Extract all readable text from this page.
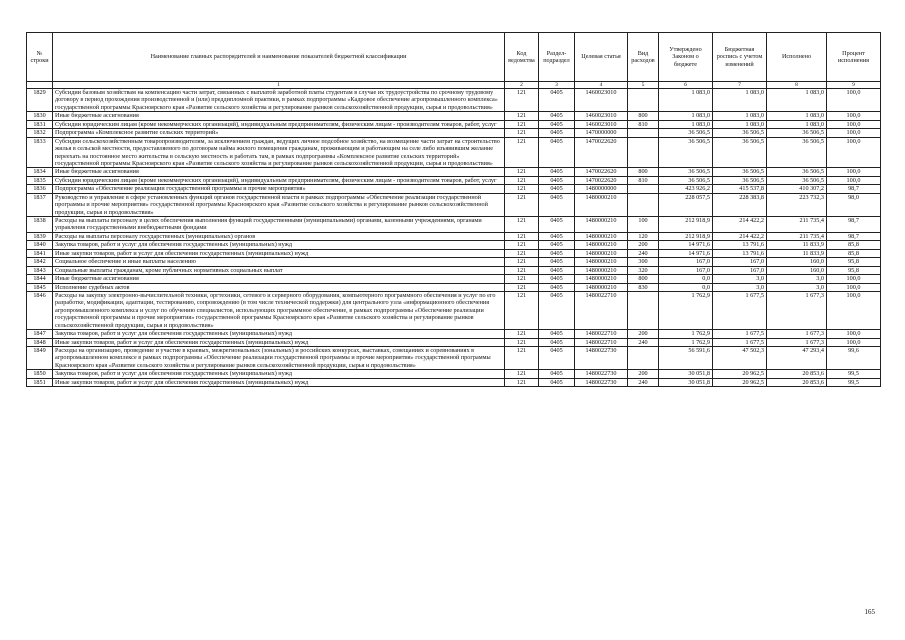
№ строки	Наименование главных распорядителей и наименование показателей бюджетной классификации	Код ведомства	Раздел-подраздел	Целевая статья	Вид расходов	Утверждено Законом о бюджете	Бюджетная роспись с учетом изменений	Исполнено	Процент исполнения
	1	2	3	4	5	6	7	8	9
1829	Субсидии базовым хозяйствам на компенсацию части затрат, связанных с выплатой заработной платы студентам в случае их трудоустройства по срочному трудовому договору в период прохождения производственной и (или) преддипломной практики, в рамках подпрограммы «Кадровое обеспечение агропромышленного комплекса» государственной программы Красноярского края «Развитие сельского хозяйства и регулирование рынков сельскохозяйственной продукции, сырья и продовольствия»	121	0405	1460023010		1 083,0	1 083,0	1 083,0	100,0
1830	Иные бюджетные ассигнования	121	0405	1460023010	800	1 083,0	1 083,0	1 083,0	100,0
1831	Субсидии юридическим лицам (кроме некоммерческих организаций), индивидуальным предпринимателям, физическим лицам - производителям товаров, работ, услуг	121	0405	1460023010	810	1 083,0	1 083,0	1 083,0	100,0
1832	Подпрограмма «Комплексное развитие сельских территорий»	121	0405	1470000000		36 506,5	36 506,5	36 506,5	100,0
1833	Субсидии сельскохозяйственным товаропроизводителям, за исключением граждан, ведущих личное подсобное хозяйство, на возмещение части затрат на строительство жилья в сельской местности, предоставляемого по договорам найма жилого помещения гражданам, проживающим и работающим на селе либо изъявившим желание переехать на постоянное место жительства в сельскую местность и работать там, в рамках подпрограммы «Комплексное развитие сельских территорий» государственной программы Красноярского края «Развитие сельского хозяйства и регулирование рынков сельскохозяйственной продукции, сырья и продовольствия»	121	0405	1470022620		36 506,5	36 506,5	36 506,5	100,0
1834	Иные бюджетные ассигнования	121	0405	1470022620	800	36 506,5	36 506,5	36 506,5	100,0
1835	Субсидии юридическим лицам (кроме некоммерческих организаций), индивидуальным предпринимателям, физическим лицам - производителям товаров, работ, услуг	121	0405	1470022620	810	36 506,5	36 506,5	36 506,5	100,0
1836	Подпрограмма «Обеспечение реализации государственной программы и прочие мероприятия»	121	0405	1480000000		423 926,2	415 537,8	410 307,2	98,7
1837	Руководство и управление в сфере установленных функций органов государственной власти в рамках подпрограммы «Обеспечение реализации государственной программы и прочие мероприятия» государственной программы Красноярского края «Развитие сельского хозяйства и регулирование рынков сельскохозяйственной продукции, сырья и продовольствия»	121	0405	1480000210		228 057,5	228 383,8	223 732,3	98,0
1838	Расходы на выплаты персоналу в целях обеспечения выполнения функций государственными (муниципальными) органами, казенными учреждениями, органами управления государственными внебюджетными фондами	121	0405	1480000210	100	212 918,9	214 422,2	211 735,4	98,7
1839	Расходы на выплаты персоналу государственных (муниципальных) органов	121	0405	1480000210	120	212 918,9	214 422,2	211 735,4	98,7
1840	Закупка товаров, работ и услуг для обеспечения государственных (муниципальных) нужд	121	0405	1480000210	200	14 971,6	13 791,6	11 833,9	85,8
1841	Иные закупки товаров, работ и услуг для обеспечения государственных (муниципальных) нужд	121	0405	1480000210	240	14 971,6	13 791,6	11 833,9	85,8
1842	Социальное обеспечение и иные выплаты населению	121	0405	1480000210	300	167,0	167,0	160,0	95,8
1843	Социальные выплаты гражданам, кроме публичных нормативных социальных выплат	121	0405	1480000210	320	167,0	167,0	160,0	95,8
1844	Иные бюджетные ассигнования	121	0405	1480000210	800	0,0	3,0	3,0	100,0
1845	Исполнение судебных актов	121	0405	1480000210	830	0,0	3,0	3,0	100,0
1846	Расходы на закупку электронно-вычислительной техники, оргтехники, сетевого и серверного оборудования, компьютерного программного обеспечения и услуг по его разработке, модификации, адаптации, тестированию, сопровождению (в том числе технической поддержки) для центрального узла «информационного обеспечения агропромышленного комплекса и услуг по обучению специалистов, использующих программное обеспечение, в рамках подпрограммы «Обеспечение реализации государственной программы и прочие мероприятия» государственной программы Красноярского края «Развитие сельского хозяйства и регулирование рынков сельскохозяйственной продукции, сырья и продовольствия»	121	0405	1480022710		1 762,9	1 677,5	1 677,3	100,0
1847	Закупка товаров, работ и услуг для обеспечения государственных (муниципальных) нужд	121	0405	1480022710	200	1 762,9	1 677,5	1 677,3	100,0
1848	Иные закупки товаров, работ и услуг для обеспечения государственных (муниципальных) нужд	121	0405	1480022710	240	1 762,9	1 677,5	1 677,3	100,0
1849	Расходы на организацию, проведение и участие в краевых, межрегиональных (зональных) и российских конкурсах, выставках, совещаниях и соревнованиях в агропромышленном комплексе в рамках подпрограммы «Обеспечение реализации государственной программы и прочие мероприятия» государственной программы Красноярского края «Развитие сельского хозяйства и регулирование рынков сельскохозяйственной продукции, сырья и продовольствия»	121	0405	1480022730		56 591,6	47 502,3	47 293,4	99,6
1850	Закупка товаров, работ и услуг для обеспечения государственных (муниципальных) нужд	121	0405	1480022730	200	30 051,8	20 962,5	20 853,6	99,5
1851	Иные закупки товаров, работ и услуг для обеспечения государственных (муниципальных) нужд	121	0405	1480022730	240	30 051,8	20 962,5	20 853,6	99,5
165
